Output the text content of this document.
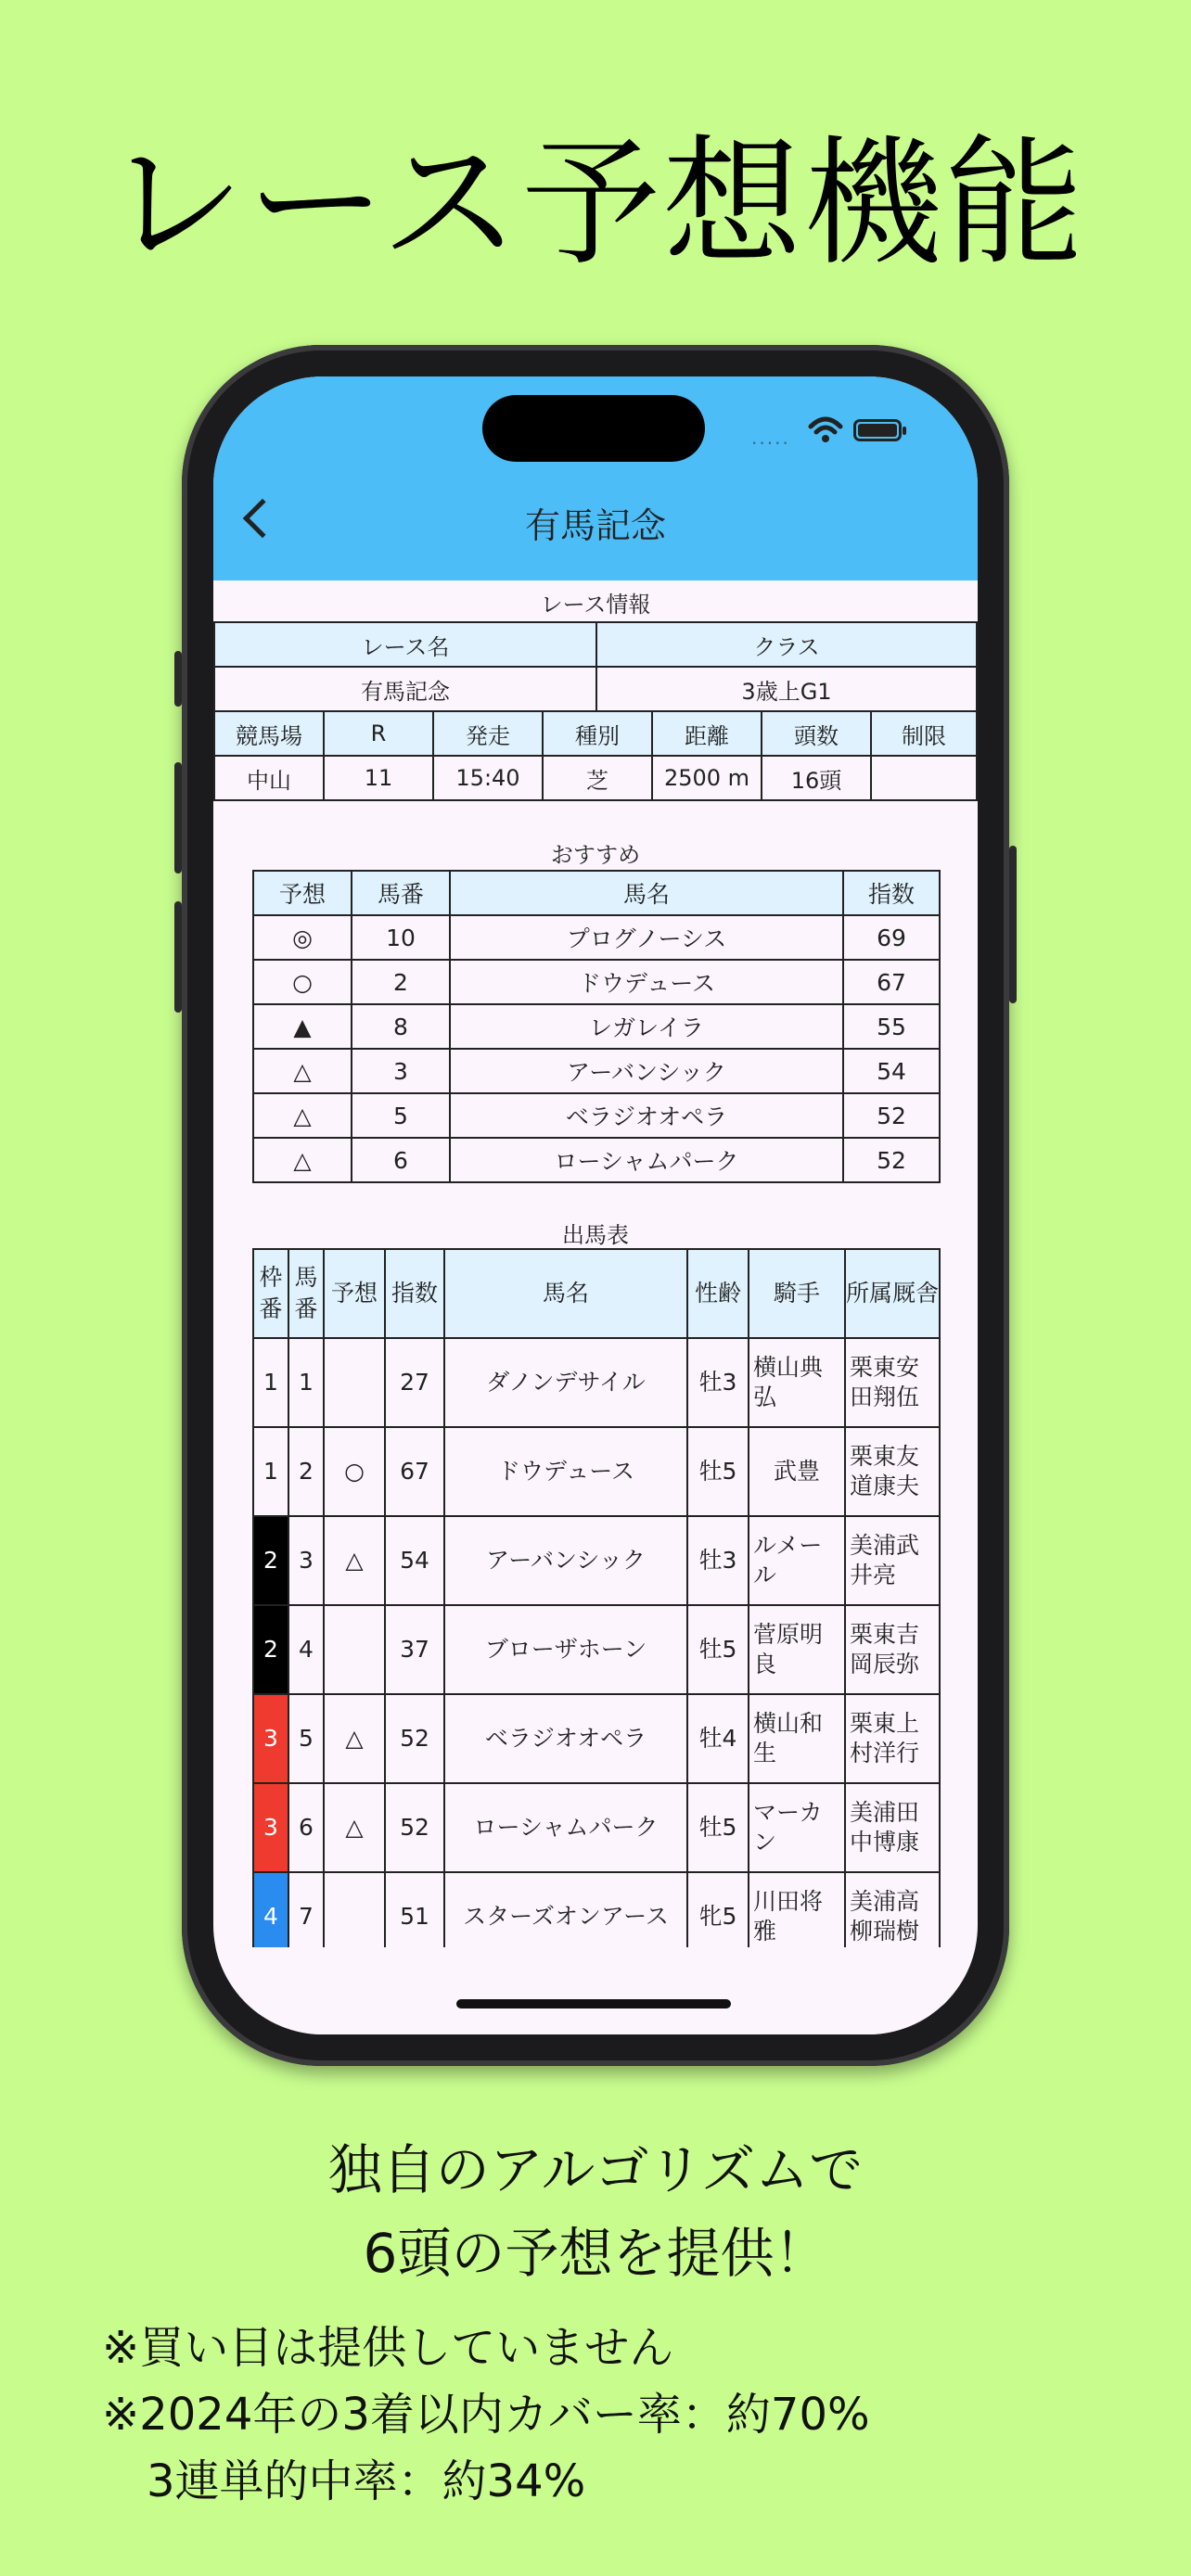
レース予想機能
.....
有馬記念
レース情報
レース名	クラス
有馬記念	3歳上G1
競馬場	R	発走	種別	距離	頭数	制限
中山	11	15:40	芝	2500 m	16頭	
おすすめ
予想	馬番	馬名	指数
◎	10	プログノーシス	69
○	2	ドウデュース	67
▲	8	レガレイラ	55
△	3	アーバンシック	54
△	5	ベラジオオペラ	52
△	6	ローシャムパーク	52
出馬表
枠番	馬番	予想	指数	馬名	性齢	騎手	所属厩舎
1	1		27	ダノンデサイル	牡3	横山典弘	栗東安田翔伍

1	2	○	67	ドウデュース	牡5	武豊	栗東友道康夫

2	3	△	54	アーバンシック	牡3	ルメール	美浦武井亮

2	4		37	ブローザホーン	牡5	菅原明良	栗東吉岡辰弥

3	5	△	52	ベラジオオペラ	牡4	横山和生	栗東上村洋行

3	6	△	52	ローシャムパーク	牡5	マーカン	美浦田中博康

4	7		51	スターズオンアース	牝5	川田将雅	美浦高柳瑞樹
独自のアルゴリズムで
6頭の予想を提供！
※買い目は提供していません
※2024年の3着以内カバー率：約70%
　3連単的中率：約34%
